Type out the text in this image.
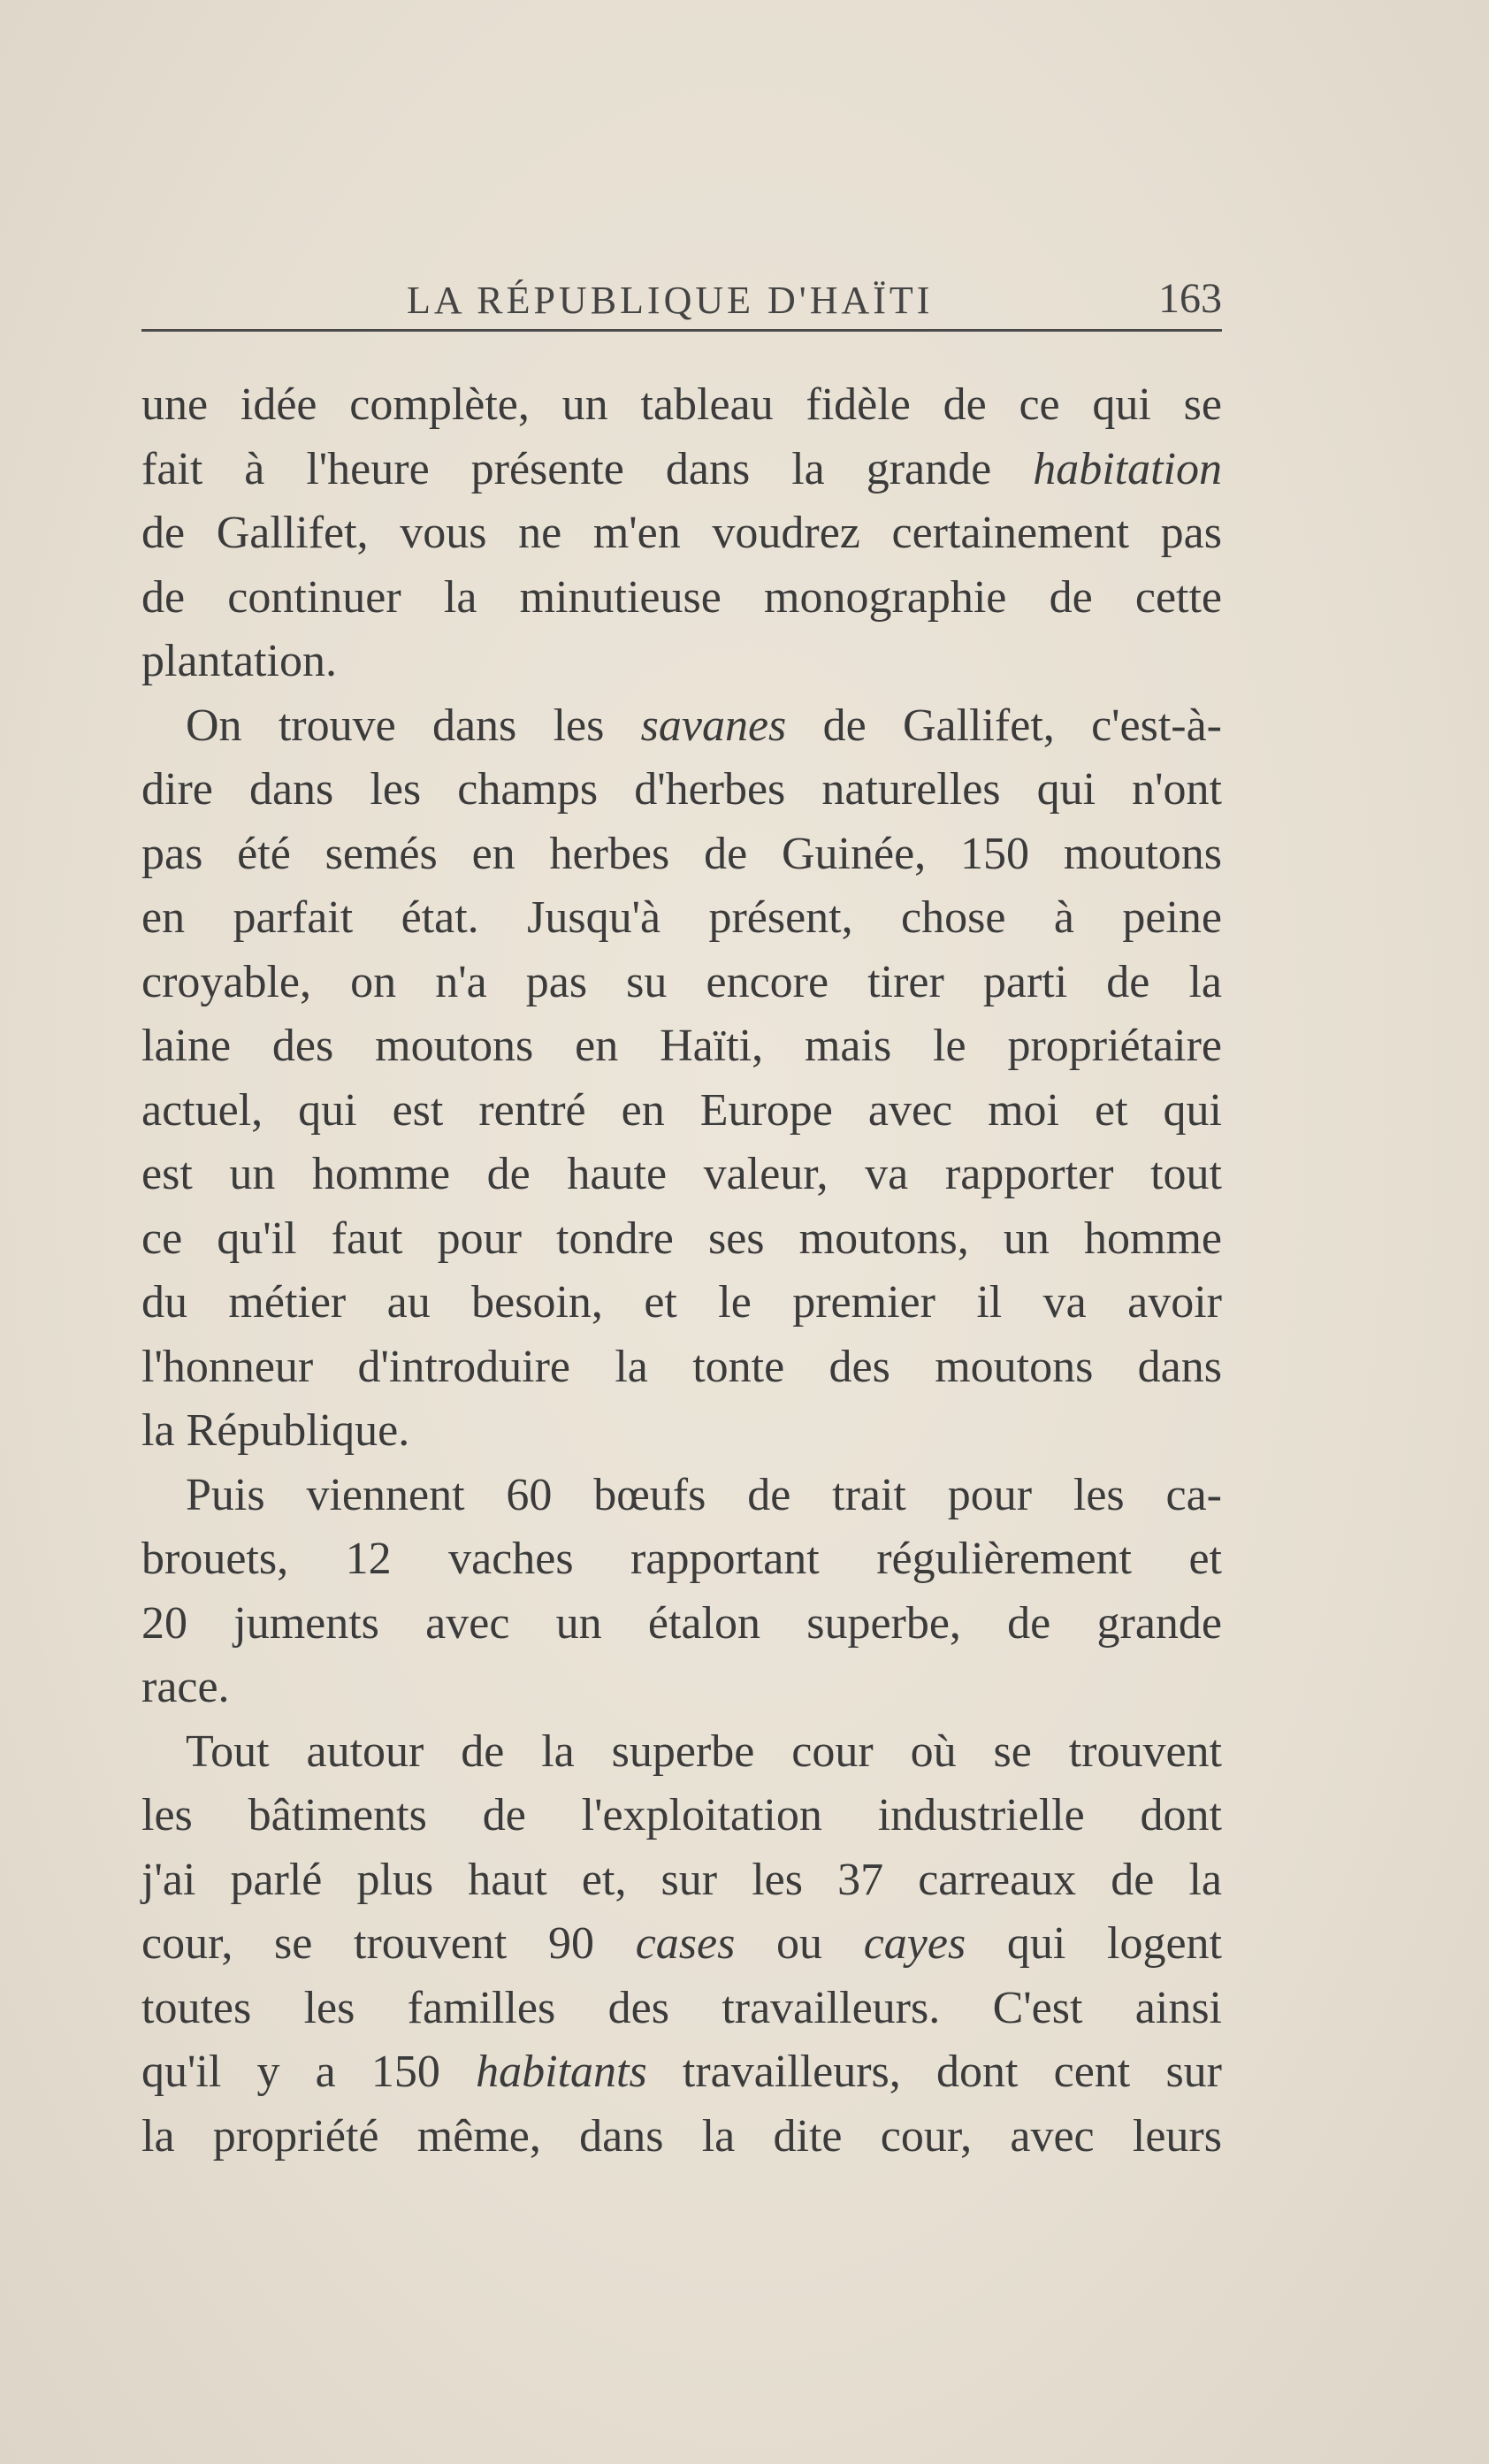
LA RÉPUBLIQUE D'HAÏTI	163
une idée complète, un tableau fidèle de ce qui se
fait à l'heure présente dans la grande habitation
de Gallifet, vous ne m'en voudrez certainement pas
de continuer la minutieuse monographie de cette
plantation.
On trouve dans les savanes de Gallifet, c'est-à-
dire dans les champs d'herbes naturelles qui n'ont
pas été semés en herbes de Guinée, 150 moutons
en parfait état. Jusqu'à présent, chose à peine
croyable, on n'a pas su encore tirer parti de la
laine des moutons en Haïti, mais le propriétaire
actuel, qui est rentré en Europe avec moi et qui
est un homme de haute valeur, va rapporter tout
ce qu'il faut pour tondre ses moutons, un homme
du métier au besoin, et le premier il va avoir
l'honneur d'introduire la tonte des moutons dans
la République.
Puis viennent 60 bœufs de trait pour les ca-
brouets, 12 vaches rapportant régulièrement et
20 juments avec un étalon superbe, de grande
race.
Tout autour de la superbe cour où se trouvent
les bâtiments de l'exploitation industrielle dont
j'ai parlé plus haut et, sur les 37 carreaux de la
cour, se trouvent 90 cases ou cayes qui logent
toutes les familles des travailleurs. C'est ainsi
qu'il y a 150 habitants travailleurs, dont cent sur
la propriété même, dans la dite cour, avec leurs
